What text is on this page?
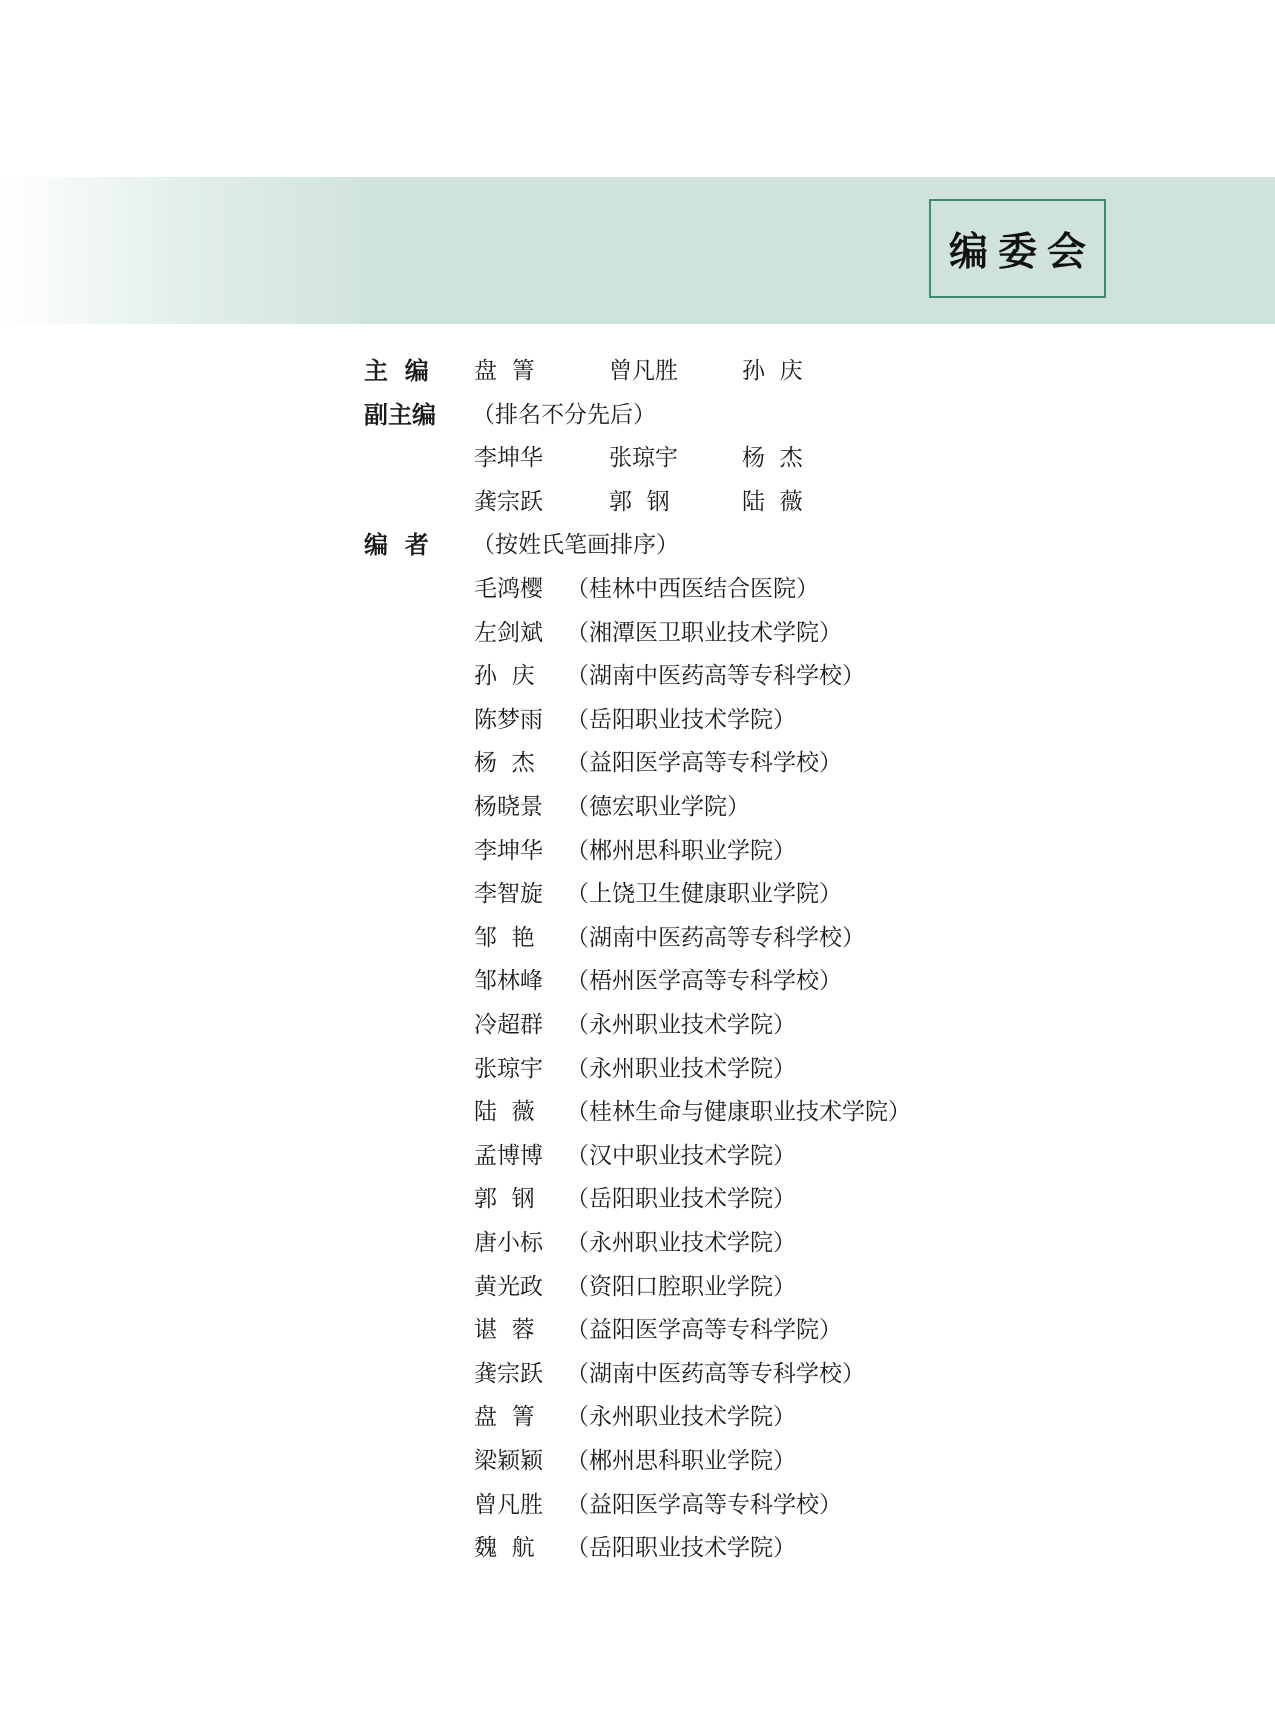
编委会
主  编 盘  箐	曾凡胜	孙  庆
副主编 （排名不分先后）
李坤华	张琼宇	杨  杰
龚宗跃	郭  钢	陆  薇
编  者 （按姓氏笔画排序）
毛鸿樱 （桂林中西医结合医院）
左剑斌 （湘潭医卫职业技术学院）
孙  庆 （湖南中医药高等专科学校）
陈梦雨 （岳阳职业技术学院）
杨  杰 （益阳医学高等专科学校）
杨晓景 （德宏职业学院）
李坤华 （郴州思科职业学院）
李智旋 （上饶卫生健康职业学院）
邹  艳 （湖南中医药高等专科学校）
邹林峰 （梧州医学高等专科学校）
冷超群 （永州职业技术学院）
张琼宇 （永州职业技术学院）
陆  薇 （桂林生命与健康职业技术学院）
孟博博 （汉中职业技术学院）
郭  钢 （岳阳职业技术学院）
唐小标 （永州职业技术学院）
黄光政 （资阳口腔职业学院）
谌  蓉 （益阳医学高等专科学院）
龚宗跃 （湖南中医药高等专科学校）
盘  箐 （永州职业技术学院）
梁颖颖 （郴州思科职业学院）
曾凡胜 （益阳医学高等专科学校）
魏  航 （岳阳职业技术学院）
